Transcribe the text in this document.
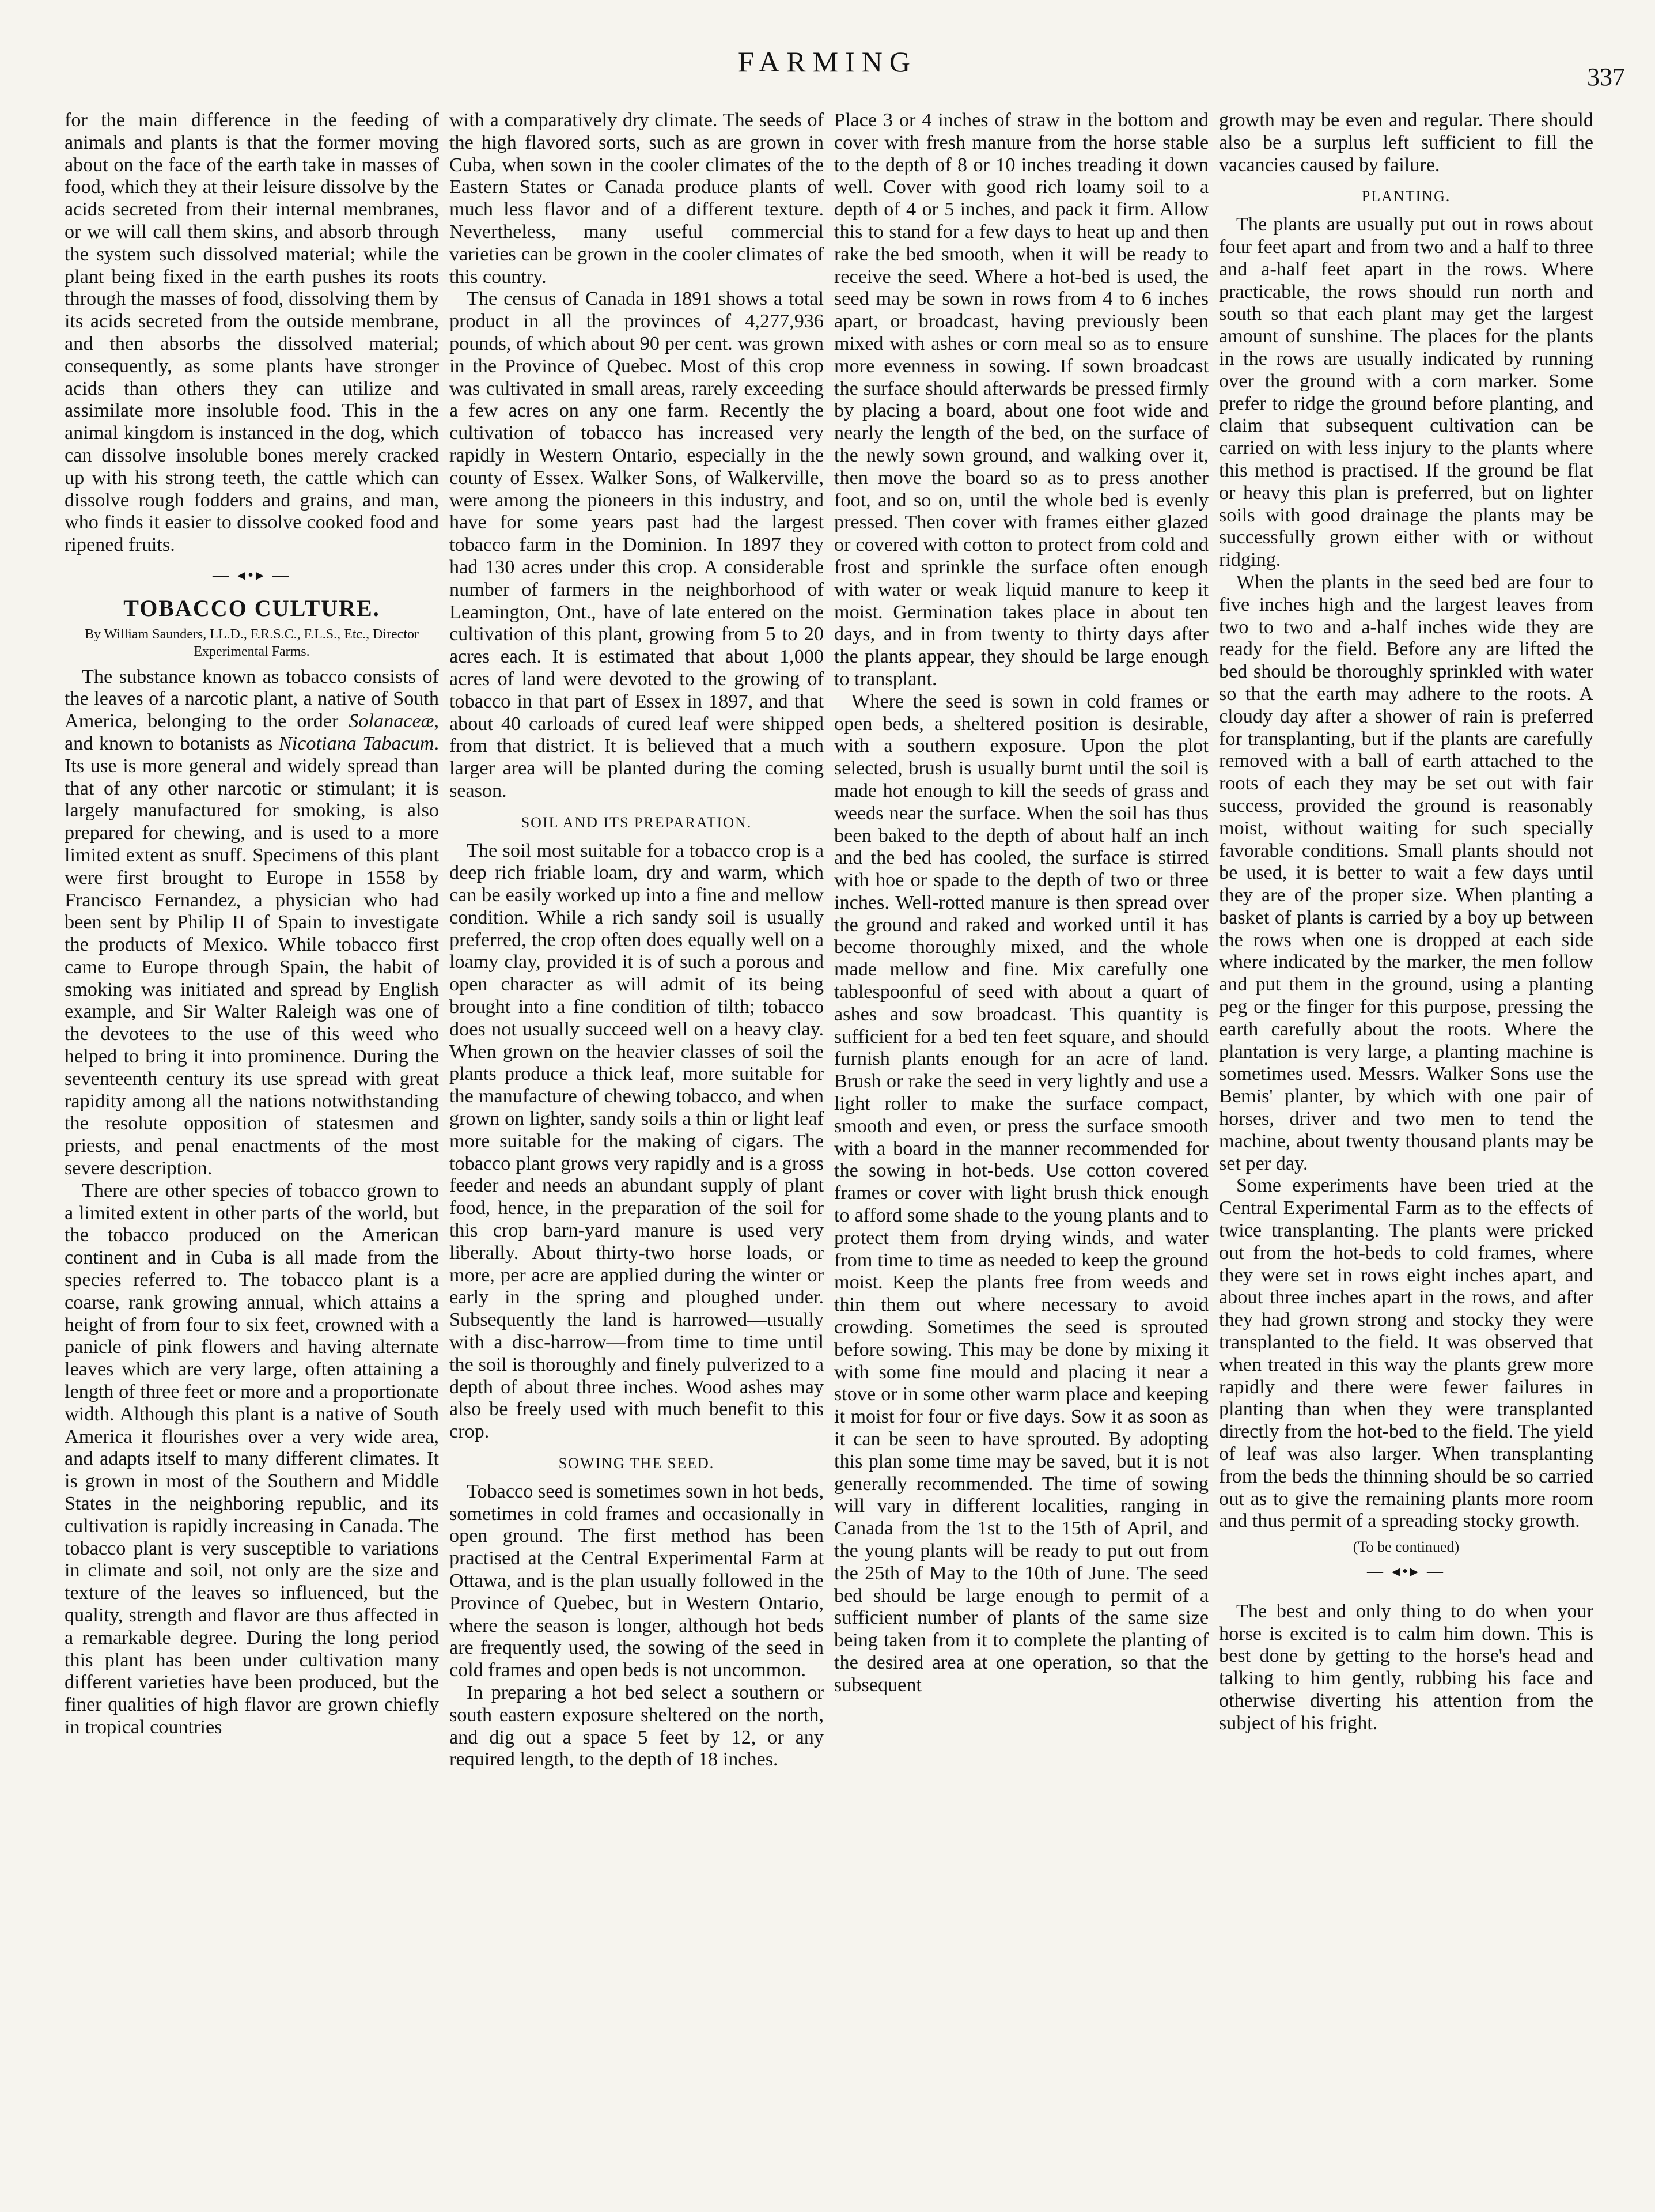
FARMING	337

for the main difference in the feeding of animals and plants is that the former moving about on the face of the earth take in masses of food, which they at their leisure dissolve by the acids secreted from their internal membranes, or we will call them skins, and absorb through the system such dissolved material; while the plant being fixed in the earth pushes its roots through the masses of food, dissolving them by its acids secreted from the outside membrane, and then absorbs the dissolved material; consequently, as some plants have stronger acids than others they can utilize and assimilate more insoluble food. This in the animal kingdom is instanced in the dog, which can dissolve insoluble bones merely cracked up with his strong teeth, the cattle which can dissolve rough fodders and grains, and man, who finds it easier to dissolve cooked food and ripened fruits.

— ◂•▸ —
TOBACCO CULTURE.
By William Saunders, LL.D., F.R.S.C., F.L.S., Etc., Director Experimental Farms.

The substance known as tobacco consists of the leaves of a narcotic plant, a native of South America, belonging to the order Solanaceæ, and known to botanists as Nicotiana Tabacum. Its use is more general and widely spread than that of any other narcotic or stimulant; it is largely manufactured for smoking, is also prepared for chewing, and is used to a more limited extent as snuff. Specimens of this plant were first brought to Europe in 1558 by Francisco Fernandez, a physician who had been sent by Philip II of Spain to investigate the products of Mexico. While tobacco first came to Europe through Spain, the habit of smoking was initiated and spread by English example, and Sir Walter Raleigh was one of the devotees to the use of this weed who helped to bring it into prominence. During the seventeenth century its use spread with great rapidity among all the nations notwithstanding the resolute opposition of statesmen and priests, and penal enactments of the most severe description.

There are other species of tobacco grown to a limited extent in other parts of the world, but the tobacco produced on the American continent and in Cuba is all made from the species referred to. The tobacco plant is a coarse, rank growing annual, which attains a height of from four to six feet, crowned with a panicle of pink flowers and having alternate leaves which are very large, often attaining a length of three feet or more and a proportionate width. Although this plant is a native of South America it flourishes over a very wide area, and adapts itself to many different climates. It is grown in most of the Southern and Middle States in the neighboring republic, and its cultivation is rapidly increasing in Canada. The tobacco plant is very susceptible to variations in climate and soil, not only are the size and texture of the leaves so influenced, but the quality, strength and flavor are thus affected in a remarkable degree. During the long period this plant has been under cultivation many different varieties have been produced, but the finer qualities of high flavor are grown chiefly in tropical countries

with a comparatively dry climate. The seeds of the high flavored sorts, such as are grown in Cuba, when sown in the cooler climates of the Eastern States or Canada produce plants of much less flavor and of a different texture. Nevertheless, many useful commercial varieties can be grown in the cooler climates of this country.

The census of Canada in 1891 shows a total product in all the provinces of 4,277,936 pounds, of which about 90 per cent. was grown in the Province of Quebec. Most of this crop was cultivated in small areas, rarely exceeding a few acres on any one farm. Recently the cultivation of tobacco has increased very rapidly in Western Ontario, especially in the county of Essex. Walker Sons, of Walkerville, were among the pioneers in this industry, and have for some years past had the largest tobacco farm in the Dominion. In 1897 they had 130 acres under this crop. A considerable number of farmers in the neighborhood of Leamington, Ont., have of late entered on the cultivation of this plant, growing from 5 to 20 acres each. It is estimated that about 1,000 acres of land were devoted to the growing of tobacco in that part of Essex in 1897, and that about 40 carloads of cured leaf were shipped from that district. It is believed that a much larger area will be planted during the coming season.

SOIL AND ITS PREPARATION.

The soil most suitable for a tobacco crop is a deep rich friable loam, dry and warm, which can be easily worked up into a fine and mellow condition. While a rich sandy soil is usually preferred, the crop often does equally well on a loamy clay, provided it is of such a porous and open character as will admit of its being brought into a fine condition of tilth; tobacco does not usually succeed well on a heavy clay. When grown on the heavier classes of soil the plants produce a thick leaf, more suitable for the manufacture of chewing tobacco, and when grown on lighter, sandy soils a thin or light leaf more suitable for the making of cigars. The tobacco plant grows very rapidly and is a gross feeder and needs an abundant supply of plant food, hence, in the preparation of the soil for this crop barn-yard manure is used very liberally. About thirty-two horse loads, or more, per acre are applied during the winter or early in the spring and ploughed under. Subsequently the land is harrowed—usually with a disc-harrow—from time to time until the soil is thoroughly and finely pulverized to a depth of about three inches. Wood ashes may also be freely used with much benefit to this crop.

SOWING THE SEED.

Tobacco seed is sometimes sown in hot beds, sometimes in cold frames and occasionally in open ground. The first method has been practised at the Central Experimental Farm at Ottawa, and is the plan usually followed in the Province of Quebec, but in Western Ontario, where the season is longer, although hot beds are frequently used, the sowing of the seed in cold frames and open beds is not uncommon.

In preparing a hot bed select a southern or south eastern exposure sheltered on the north, and dig out a space 5 feet by 12, or any required length, to the depth of 18 inches.

Place 3 or 4 inches of straw in the bottom and cover with fresh manure from the horse stable to the depth of 8 or 10 inches treading it down well. Cover with good rich loamy soil to a depth of 4 or 5 inches, and pack it firm. Allow this to stand for a few days to heat up and then rake the bed smooth, when it will be ready to receive the seed. Where a hot-bed is used, the seed may be sown in rows from 4 to 6 inches apart, or broadcast, having previously been mixed with ashes or corn meal so as to ensure more evenness in sowing. If sown broadcast the surface should afterwards be pressed firmly by placing a board, about one foot wide and nearly the length of the bed, on the surface of the newly sown ground, and walking over it, then move the board so as to press another foot, and so on, until the whole bed is evenly pressed. Then cover with frames either glazed or covered with cotton to protect from cold and frost and sprinkle the surface often enough with water or weak liquid manure to keep it moist. Germination takes place in about ten days, and in from twenty to thirty days after the plants appear, they should be large enough to transplant.

Where the seed is sown in cold frames or open beds, a sheltered position is desirable, with a southern exposure. Upon the plot selected, brush is usually burnt until the soil is made hot enough to kill the seeds of grass and weeds near the surface. When the soil has thus been baked to the depth of about half an inch and the bed has cooled, the surface is stirred with hoe or spade to the depth of two or three inches. Well-rotted manure is then spread over the ground and raked and worked until it has become thoroughly mixed, and the whole made mellow and fine. Mix carefully one tablespoonful of seed with about a quart of ashes and sow broadcast. This quantity is sufficient for a bed ten feet square, and should furnish plants enough for an acre of land. Brush or rake the seed in very lightly and use a light roller to make the surface compact, smooth and even, or press the surface smooth with a board in the manner recommended for the sowing in hot-beds. Use cotton covered frames or cover with light brush thick enough to afford some shade to the young plants and to protect them from drying winds, and water from time to time as needed to keep the ground moist. Keep the plants free from weeds and thin them out where necessary to avoid crowding. Sometimes the seed is sprouted before sowing. This may be done by mixing it with some fine mould and placing it near a stove or in some other warm place and keeping it moist for four or five days. Sow it as soon as it can be seen to have sprouted. By adopting this plan some time may be saved, but it is not generally recommended. The time of sowing will vary in different localities, ranging in Canada from the 1st to the 15th of April, and the young plants will be ready to put out from the 25th of May to the 10th of June. The seed bed should be large enough to permit of a sufficient number of plants of the same size being taken from it to complete the planting of the desired area at one operation, so that the subsequent

growth may be even and regular. There should also be a surplus left sufficient to fill the vacancies caused by failure.

PLANTING.

The plants are usually put out in rows about four feet apart and from two and a half to three and a-half feet apart in the rows. Where practicable, the rows should run north and south so that each plant may get the largest amount of sunshine. The places for the plants in the rows are usually indicated by running over the ground with a corn marker. Some prefer to ridge the ground before planting, and claim that subsequent cultivation can be carried on with less injury to the plants where this method is practised. If the ground be flat or heavy this plan is preferred, but on lighter soils with good drainage the plants may be successfully grown either with or without ridging.

When the plants in the seed bed are four to five inches high and the largest leaves from two to two and a-half inches wide they are ready for the field. Before any are lifted the bed should be thoroughly sprinkled with water so that the earth may adhere to the roots. A cloudy day after a shower of rain is preferred for transplanting, but if the plants are carefully removed with a ball of earth attached to the roots of each they may be set out with fair success, provided the ground is reasonably moist, without waiting for such specially favorable conditions. Small plants should not be used, it is better to wait a few days until they are of the proper size. When planting a basket of plants is carried by a boy up between the rows when one is dropped at each side where indicated by the marker, the men follow and put them in the ground, using a planting peg or the finger for this purpose, pressing the earth carefully about the roots. Where the plantation is very large, a planting machine is sometimes used. Messrs. Walker Sons use the Bemis' planter, by which with one pair of horses, driver and two men to tend the machine, about twenty thousand plants may be set per day.

Some experiments have been tried at the Central Experimental Farm as to the effects of twice transplanting. The plants were pricked out from the hot-beds to cold frames, where they were set in rows eight inches apart, and about three inches apart in the rows, and after they had grown strong and stocky they were transplanted to the field. It was observed that when treated in this way the plants grew more rapidly and there were fewer failures in planting than when they were transplanted directly from the hot-bed to the field. The yield of leaf was also larger. When transplanting from the beds the thinning should be so carried out as to give the remaining plants more room and thus permit of a spreading stocky growth.

(To be continued)
— ◂•▸ —

The best and only thing to do when your horse is excited is to calm him down. This is best done by getting to the horse's head and talking to him gently, rubbing his face and otherwise diverting his attention from the subject of his fright.
